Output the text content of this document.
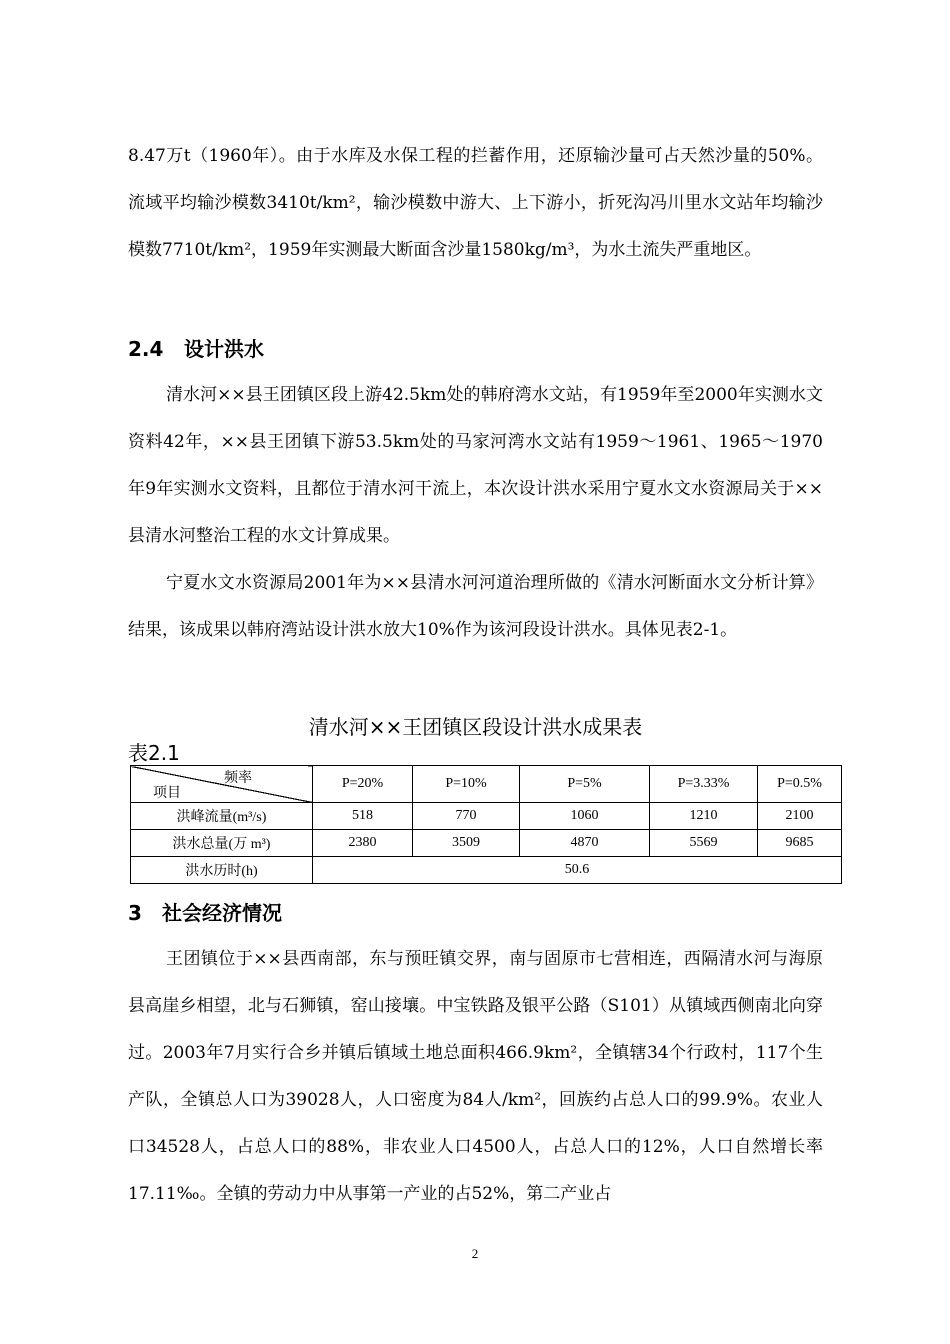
8.47万t（1960年）。由于水库及水保工程的拦蓄作用，还原输沙量可占天然沙量的50%。流域平均输沙模数3410t/km²，输沙模数中游大、上下游小，折死沟冯川里水文站年均输沙模数7710t/km²，1959年实测最大断面含沙量1580kg/m³，为水土流失严重地区。

2.4 设计洪水

清水河××县王团镇区段上游42.5km处的韩府湾水文站，有1959年至2000年实测水文资料42年，××县王团镇下游53.5km处的马家河湾水文站有1959～1961、1965～1970年9年实测水文资料，且都位于清水河干流上，本次设计洪水采用宁夏水文水资源局关于××县清水河整治工程的水文计算成果。

宁夏水文水资源局2001年为××县清水河河道治理所做的《清水河断面水文分析计算》结果，该成果以韩府湾站设计洪水放大10%作为该河段设计洪水。具体见表2-1。

清水河××王团镇区段设计洪水成果表

表2.1

频率
项目	P=20%	P=10%	P=5%	P=3.33%	P=0.5%
洪峰流量(m³/s)	518	770	1060	1210	2100
洪水总量(万 m³)	2380	3509	4870	5569	9685
洪水历时(h)	50.6				
3 社会经济情况

王团镇位于××县西南部，东与预旺镇交界，南与固原市七营相连，西隔清水河与海原县高崖乡相望，北与石狮镇，窑山接壤。中宝铁路及银平公路（S101）从镇域西侧南北向穿过。2003年7月实行合乡并镇后镇域土地总面积466.9km²，全镇辖34个行政村，117个生产队，全镇总人口为39028人，人口密度为84人/km²，回族约占总人口的99.9%。农业人口34528人，占总人口的88%，非农业人口4500人，占总人口的12%，人口自然增长率17.11‰。全镇的劳动力中从事第一产业的占52%，第二产业占

2
